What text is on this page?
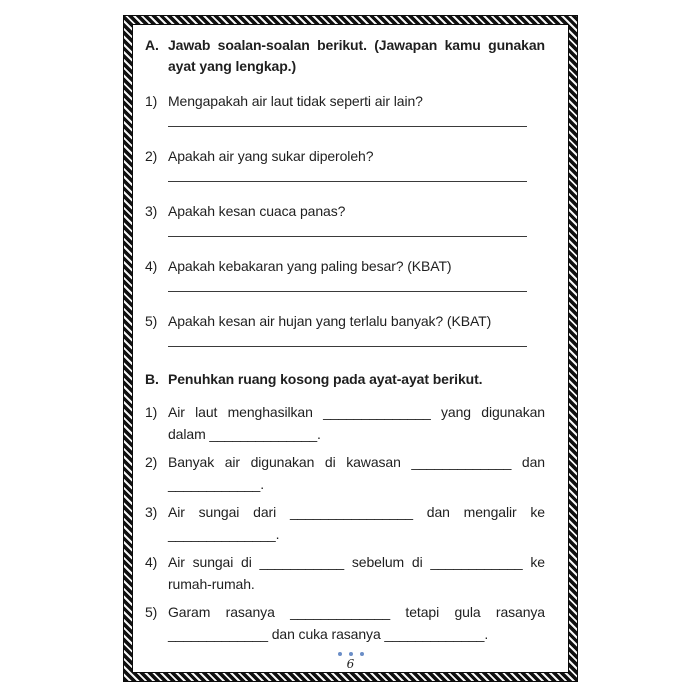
A. Jawab soalan-soalan berikut. (Jawapan kamu gunakan
ayat yang lengkap.)
1) Mengapakah air laut tidak seperti air lain?
2) Apakah air yang sukar diperoleh?
3) Apakah kesan cuaca panas?
4) Apakah kebakaran yang paling besar? (KBAT)
5) Apakah kesan air hujan yang terlalu banyak? (KBAT)
B. Penuhkan ruang kosong pada ayat-ayat berikut.
1) Air laut menghasilkan ______________ yang digunakan
dalam ______________.
2) Banyak air digunakan di kawasan _____________ dan
____________.
3) Air sungai dari ________________ dan mengalir ke
______________.
4) Air sungai di ___________ sebelum di ____________ ke
rumah-rumah.
5) Garam rasanya _____________ tetapi gula rasanya
_____________ dan cuka rasanya _____________.
6
